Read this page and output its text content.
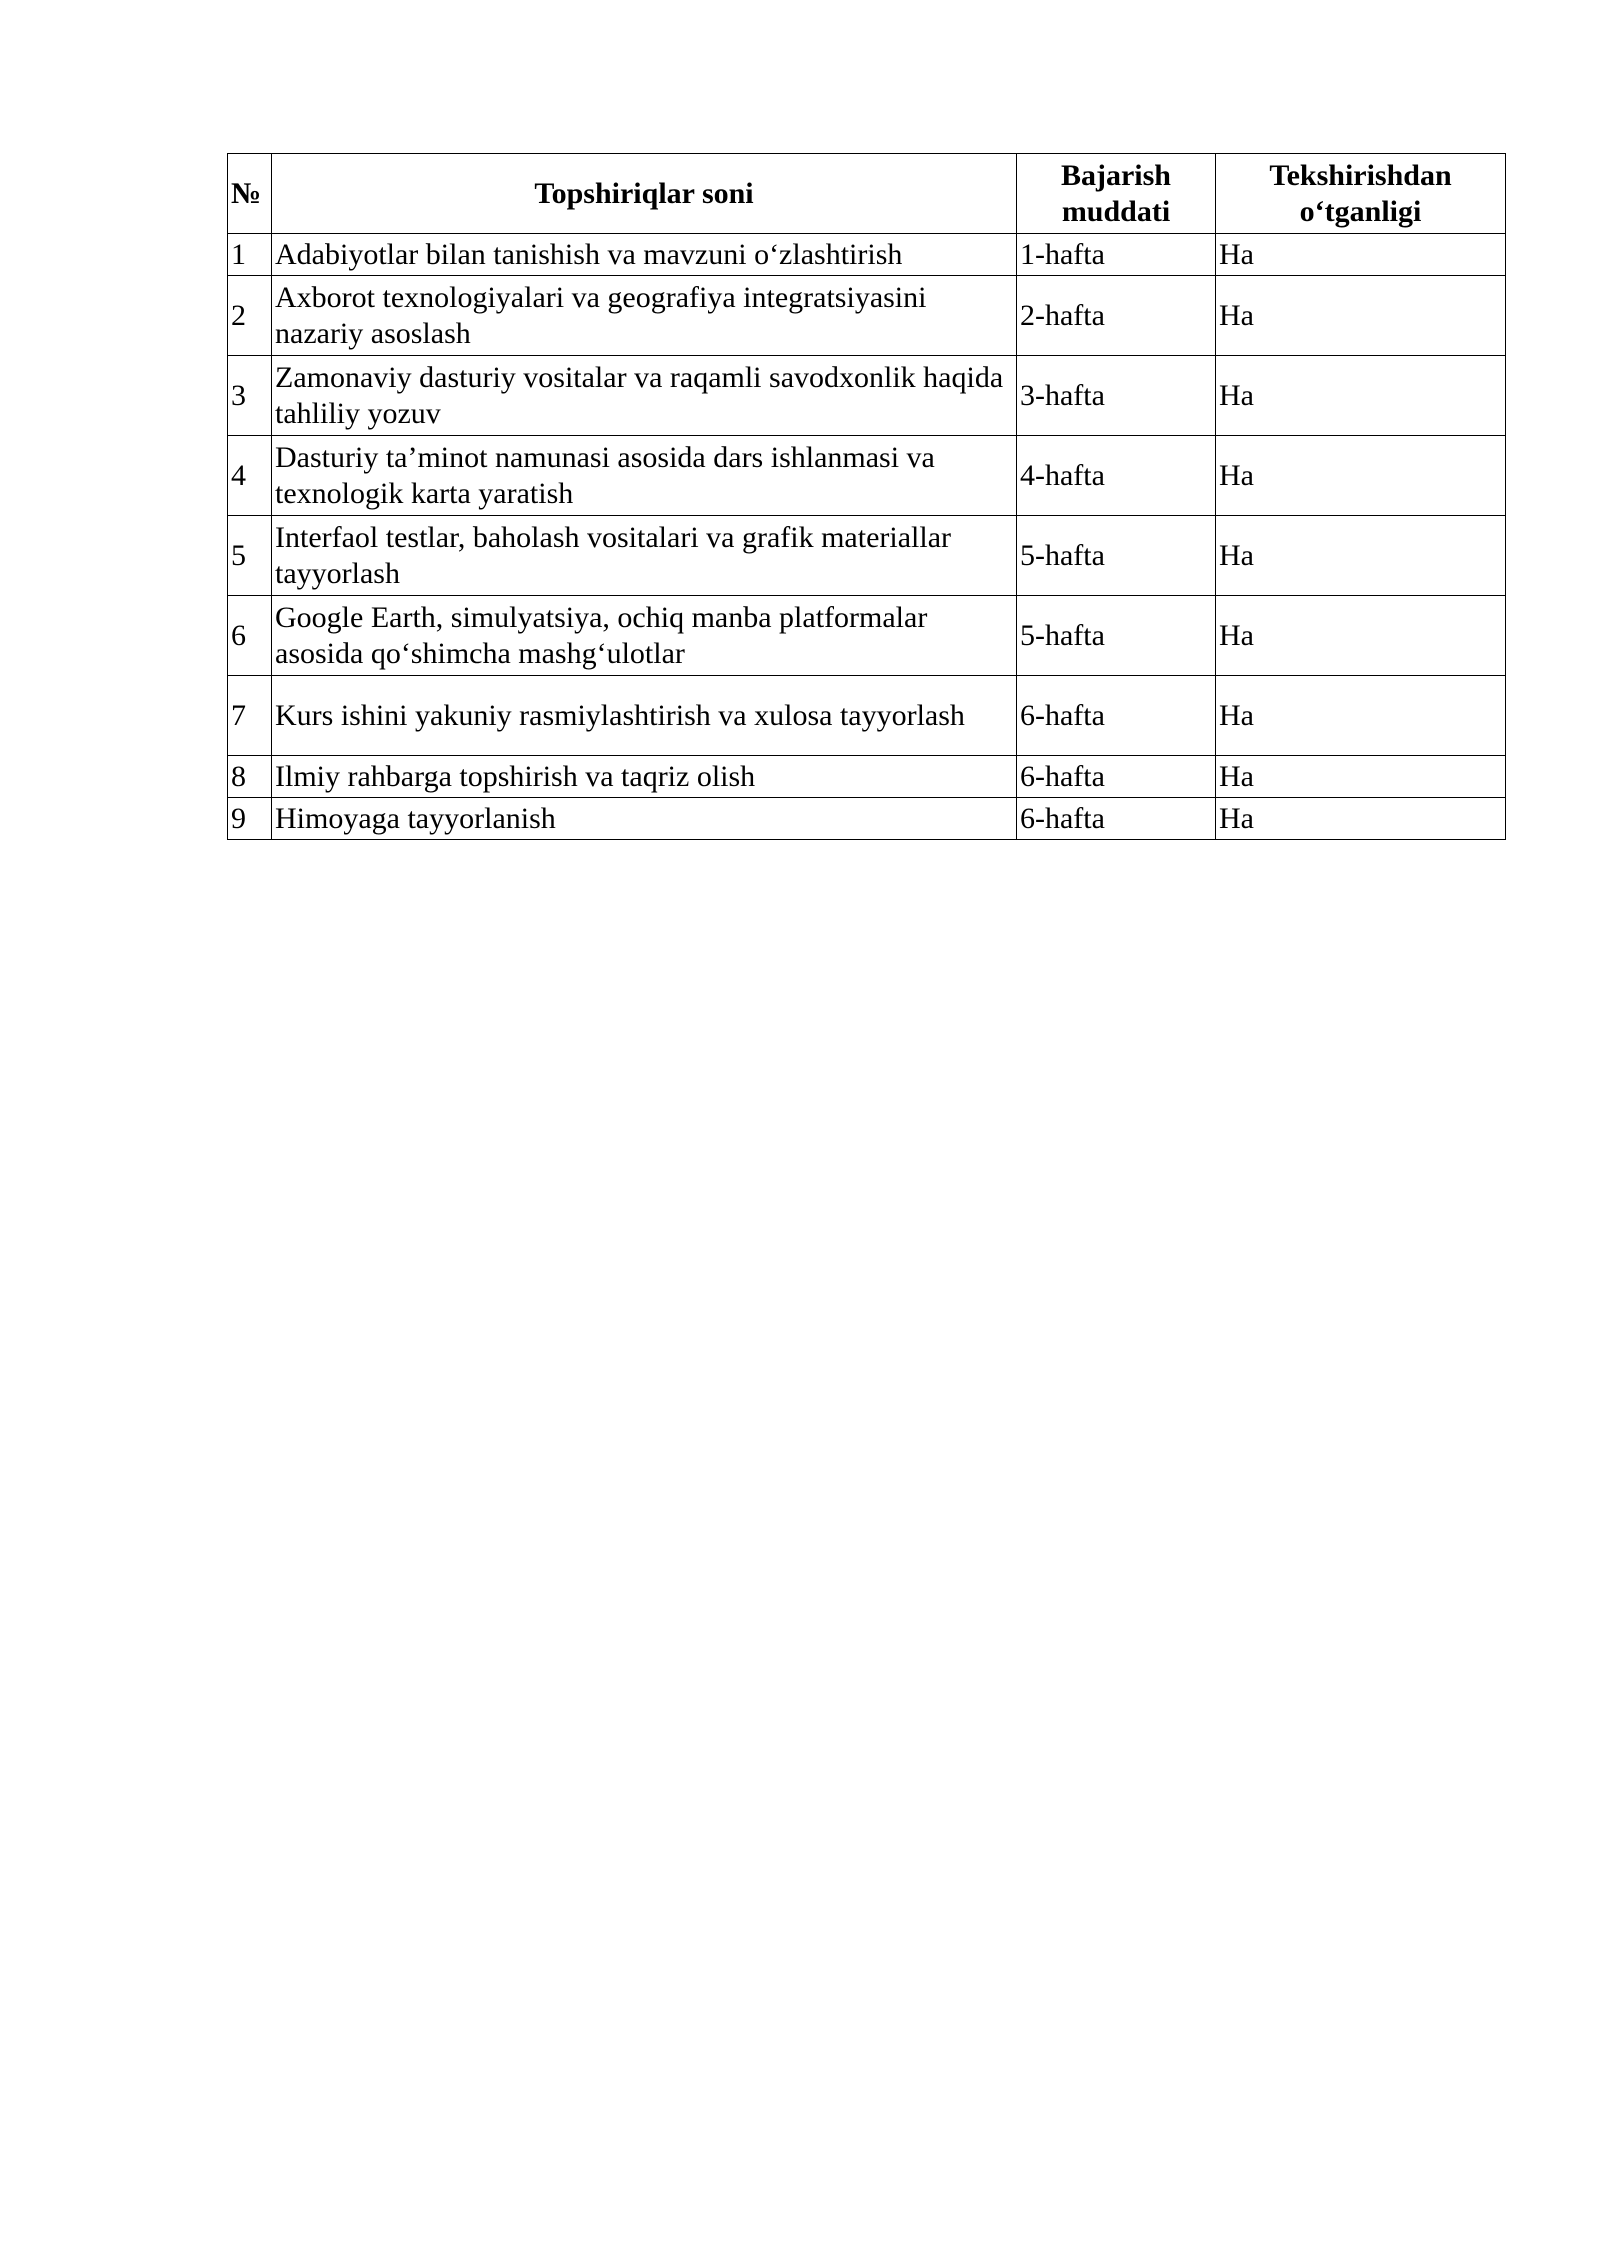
№	Topshiriqlar soni	Bajarish muddati	Tekshirishdan o‘tganligi
1	Adabiyotlar bilan tanishish va mavzuni o‘zlashtirish	1-hafta	Ha
2	Axborot texnologiyalari va geografiya integratsiyasini nazariy asoslash	2-hafta	Ha
3	Zamonaviy dasturiy vositalar va raqamli savodxonlik haqida tahliliy yozuv	3-hafta	Ha
4	Dasturiy ta’minot namunasi asosida dars ishlanmasi va texnologik karta yaratish	4-hafta	Ha
5	Interfaol testlar, baholash vositalari va grafik materiallar tayyorlash	5-hafta	Ha
6	Google Earth, simulyatsiya, ochiq manba platformalar asosida qo‘shimcha mashg‘ulotlar	5-hafta	Ha
7	Kurs ishini yakuniy rasmiylashtirish va xulosa tayyorlash	6-hafta	Ha
8	Ilmiy rahbarga topshirish va taqriz olish	6-hafta	Ha
9	Himoyaga tayyorlanish	6-hafta	Ha
